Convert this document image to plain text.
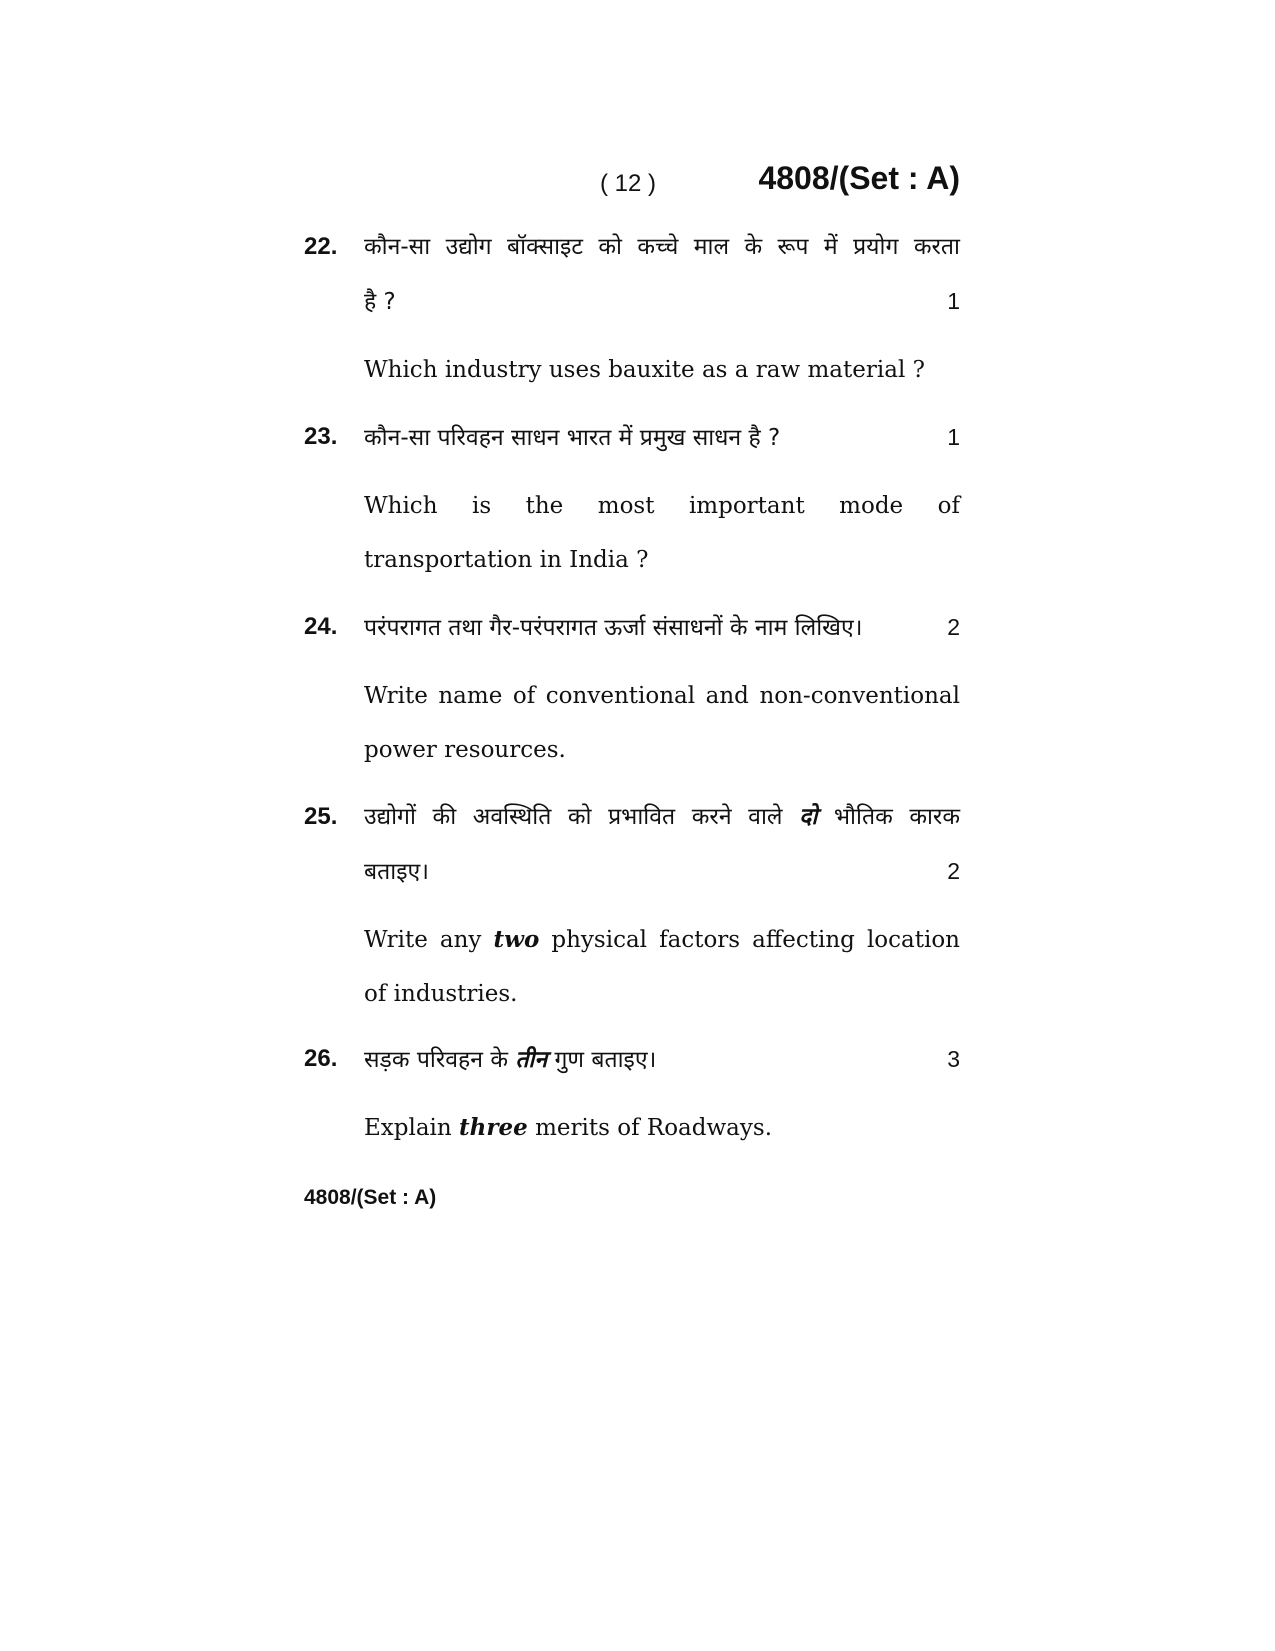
( 12 )	4808/(Set : A)
22. कौन-सा उद्योग बॉक्साइट को कच्चे माल के रूप में प्रयोग करता
है ?	1
Which industry uses bauxite as a raw material ?
23. कौन-सा परिवहन साधन भारत में प्रमुख साधन है ?	1
Which is the most important mode of
transportation in India ?
24. परंपरागत तथा गैर-परंपरागत ऊर्जा संसाधनों के नाम लिखिए।	2
Write name of conventional and non-conventional
power resources.
25. उद्योगों की अवस्थिति को प्रभावित करने वाले दो भौतिक कारक
बताइए।	2
Write any two physical factors affecting location
of industries.
26. सड़क परिवहन के तीन गुण बताइए।	3
Explain three merits of Roadways.
4808/(Set : A)
